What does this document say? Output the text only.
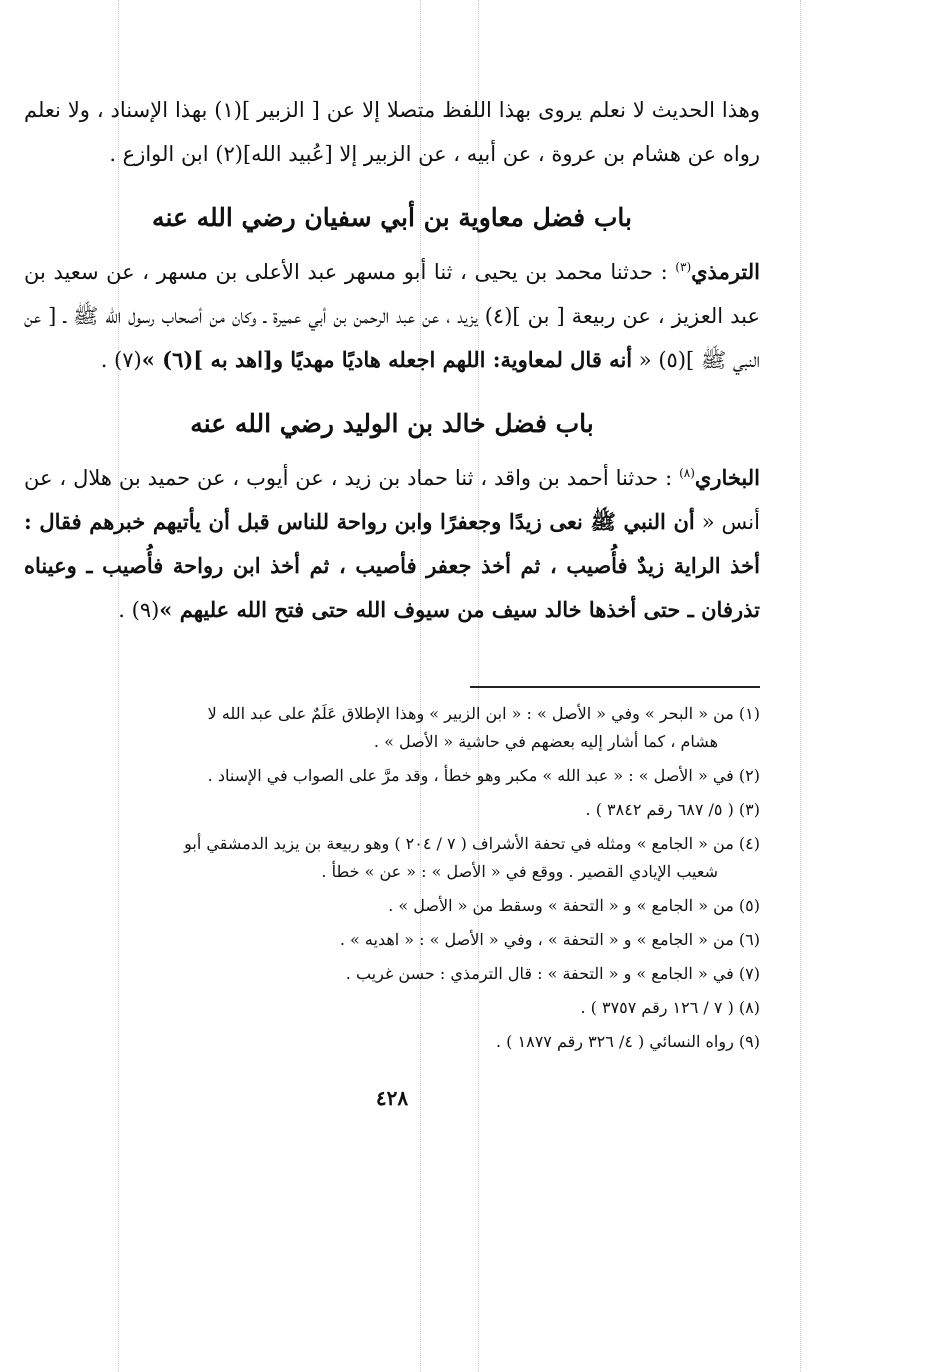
وهذا الحديث لا نعلم يروى بهذا اللفظ متصلا إلا عن [ الزبير ](١) بهذا الإسناد ، ولا نعلم رواه عن هشام بن عروة ، عن أبيه ، عن الزبير إلا [عُبيد الله](٢) ابن الوازع .

باب فضل معاوية بن أبي سفيان رضي الله عنه

الترمذي$^{(٣)}$ : حدثنا محمد بن يحيى ، ثنا أبو مسهر عبد الأعلى بن مسهر ، عن سعيد بن عبد العزيز ، عن ربيعة [ بن ](٤) يزيد ، عن عبد الرحمن بن أبي عميرة ـ وكان من أصحاب رسول الله ﷺ ـ [ عن النبي ﷺ ](٥) « أنه قال لمعاوية: اللهم اجعله هاديًا مهديًا و[اهد به ](٦) »(٧) .

باب فضل خالد بن الوليد رضي الله عنه

البخاري$^{(٨)}$ : حدثنا أحمد بن واقد ، ثنا حماد بن زيد ، عن أيوب ، عن حميد بن هلال ، عن أنس « أن النبي ﷺ نعى زيدًا وجعفرًا وابن رواحة للناس قبل أن يأتيهم خبرهم فقال : أخذ الراية زيدٌ فأُصيب ، ثم أخذ جعفر فأصيب ، ثم أخذ ابن رواحة فأُصيب ـ وعيناه تذرفان ـ حتى أخذها خالد سيف من سيوف الله حتى فتح الله عليهم »(٩) .

(١) من « البحر » وفي « الأصل » : « ابن الزبير » وهذا الإطلاق عَلَمٌ على عبد الله لا
هشام ، كما أشار إليه بعضهم في حاشية « الأصل » .

(٢) في « الأصل » : « عبد الله » مكبر وهو خطأ ، وقد مرَّ على الصواب في الإسناد .

(٣) ( ٥/ ٦٨٧ رقم ٣٨٤٢ ) .

(٤) من « الجامع » ومثله في تحفة الأشراف ( ٧ / ٢٠٤ ) وهو ربيعة بن يزيد الدمشقي أبو
شعيب الإيادي القصير . ووقع في « الأصل » : « عن » خطأ .

(٥) من « الجامع » و « التحفة » وسقط من « الأصل » .

(٦) من « الجامع » و « التحفة » ، وفي « الأصل » : « اهديه » .

(٧) في « الجامع » و « التحفة » : قال الترمذي : حسن غريب .

(٨) ( ٧ / ١٢٦ رقم ٣٧٥٧ ) .

(٩) رواه النسائي ( ٤/ ٣٢٦ رقم ١٨٧٧ ) .

٤٢٨
